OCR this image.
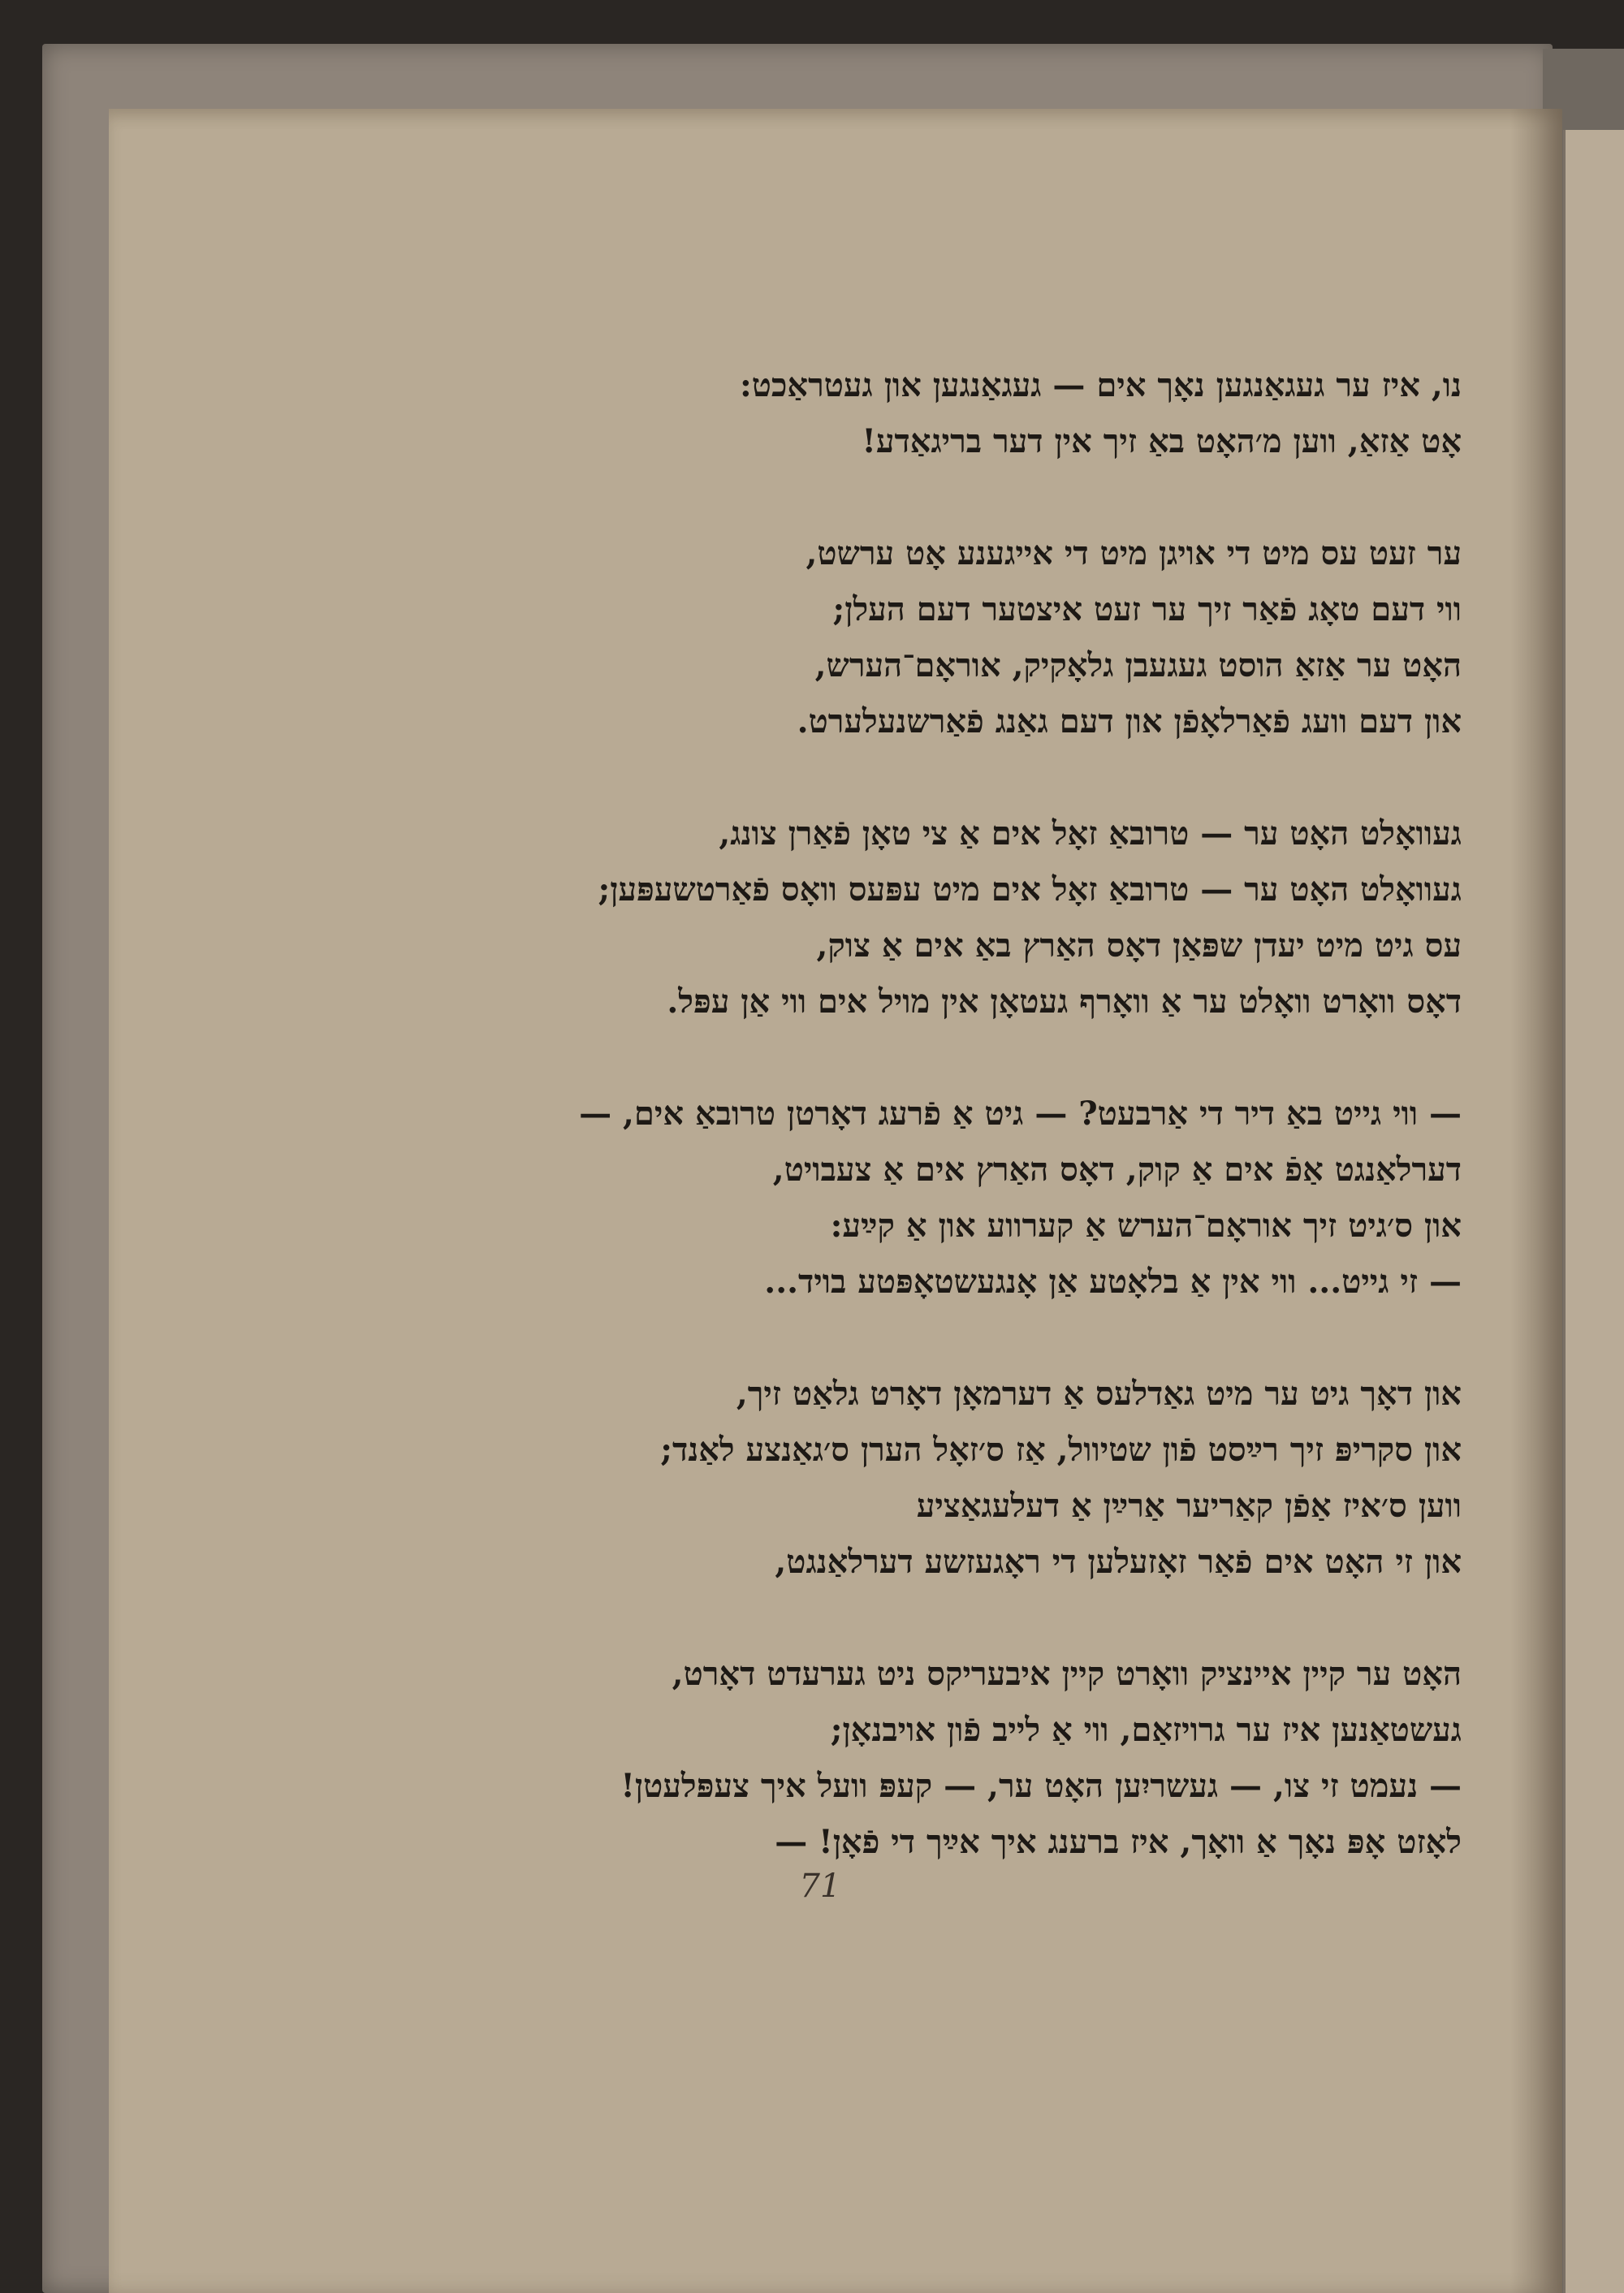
נו, איז ער געגאַנגען נאָך אים — געגאַנגען און געטראַכט:
אָט אַזאַ, ווען מ׳האָט באַ זיך אין דער בריגאַדע!
ער זעט עס מיט די אויגן מיט די אייגענע אָט ערשט,
ווי דעם טאָג פֿאַר זיך ער זעט איצטער דעם העלן;
האָט ער אַזאַ הוסט געגעבן גלאָקיק, אוראָם־הערש,
און דעם וועג פֿאַרלאָפֿן און דעם גאַנג פֿאַרשנעלערט.
געוואָלט האָט ער — טרובאַ זאָל אים אַ צי טאָן פֿאַרן צונג,
געוואָלט האָט ער — טרובאַ זאָל אים מיט עפּעס וואָס פֿאַרטשעפּען;
עס גיט מיט יעדן שפּאַן דאָס האַרץ באַ אים אַ צוק,
דאָס וואָרט וואָלט ער אַ וואָרף געטאָן אין מויל אים ווי אַן עפּל.
— ווי גייט באַ דיר די אַרבעט? — גיט אַ פֿרעג דאָרטן טרובאַ אים, —
דערלאַנגט אַפֿ אים אַ קוק, דאָס האַרץ אים אַ צעבויט,
און ס׳גיט זיך אוראָם־הערש אַ קערווע און אַ קײַע:
— זי גייט... ווי אין אַ בלאָטע אַן אָנגעשטאָפּטע בויד...
און דאָך גיט ער מיט גאַדלעס אַ דערמאָן דאָרט גלאַט זיך,
און סקריפּ זיך רײַסט פֿון שטיוול, אַז ס׳זאָל הערן ס׳גאַנצע לאַנד;
ווען ס׳איז אַפֿן קאַריער אַרײַן אַ דעלעגאַציע
און זי האָט אים פֿאַר זאָזעלען די ראָגעזשע דערלאַנגט,
האָט ער קיין איינציק וואָרט קיין איבעריקס ניט גערעדט דאָרט,
געשטאַנען איז ער גרויזאַם, ווי אַ לייב פֿון אויבנאָן;
— נעמט זי צו, — געשריִען האָט ער, — קעפּ וועל איך צעפּלעטן!
לאָזט אָפּ נאָך אַ וואָך, איז ברענג איך אײַך די פֿאָן! —
71
